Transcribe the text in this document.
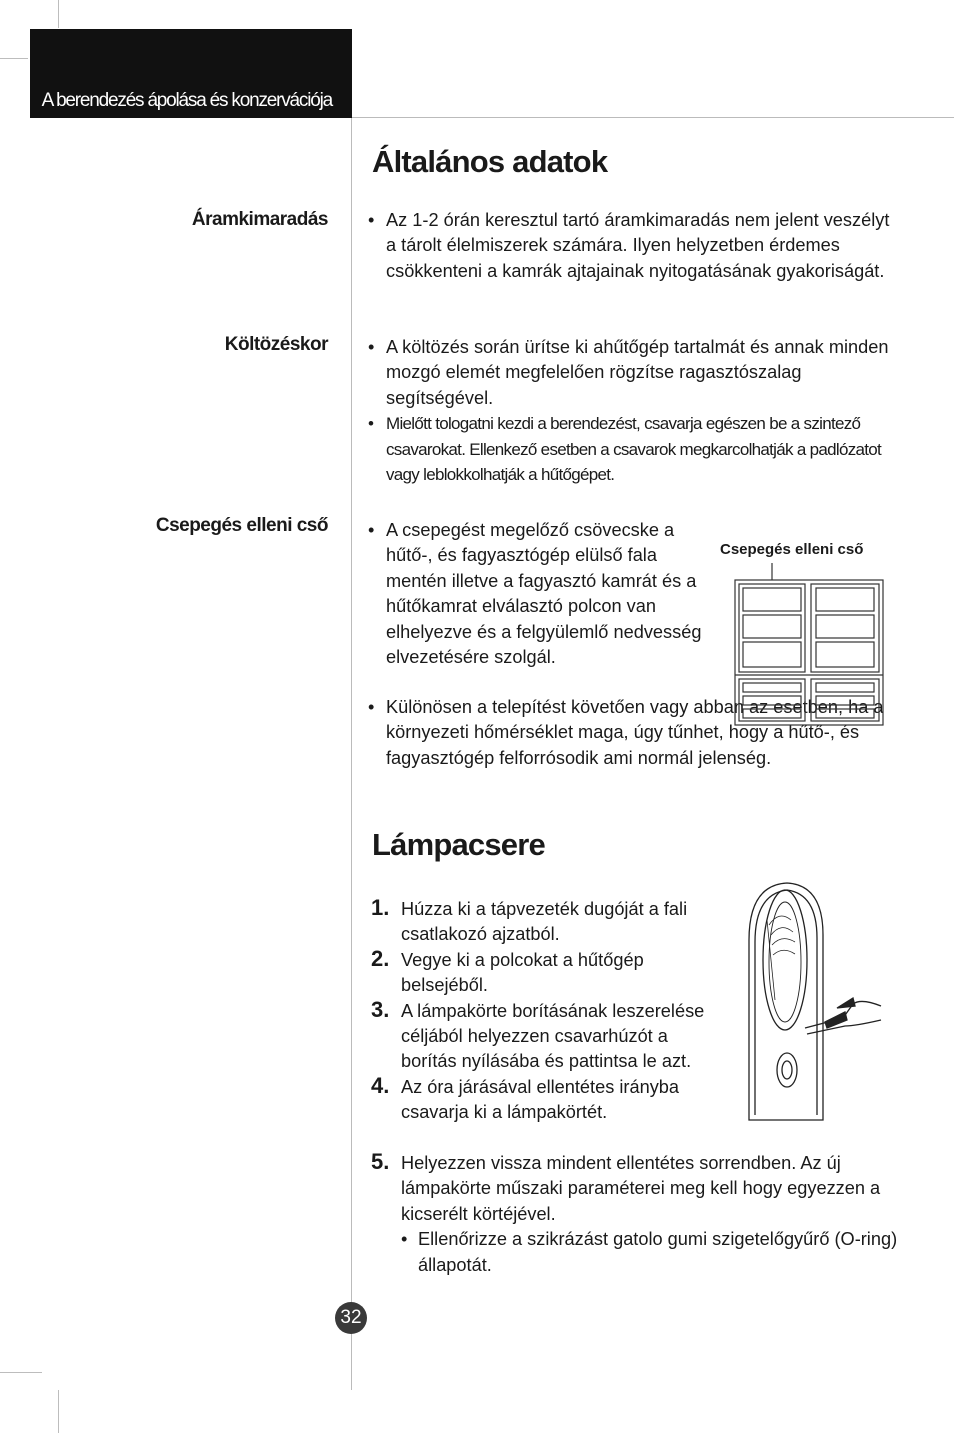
A berendezés ápolása és konzervációja
Általános adatok
Áramkimaradás	• Az 1-2 órán keresztul tartó áramkimaradás nem jelent veszélyt a tárolt élelmiszerek számára. Ilyen helyzetben érdemes csökkenteni a kamrák ajtajainak nyitogatásának gyakoriságát.
Költözéskor	• A költözés során ürítse ki ahűtőgép tartalmát és annak minden mozgó elemét megfelelően rögzítse ragasztószalag segítségével.
• Mielőtt tologatni kezdi a berendezést, csavarja egészen be a szintező csavarokat. Ellenkező esetben a csavarok megkarcolhatják a padlózatot vagy leblokkolhatják a hűtőgépet.
Csepegés elleni cső	• A csepegést megelőző csövecske a hűtő-, és fagyasztógép elülső fala mentén illetve a fagyasztó kamrát és a hűtőkamrat elválasztó polcon van elhelyezve és a felgyülemlő nedvesség elvezetésére szolgál.
• Különösen a telepítést követően vagy abban az esetben, ha a környezeti hőmérséklet maga, úgy tűnhet, hogy a hűtő-, és fagyasztógép felforrósodik ami normál jelenség.
Csepegés elleni cső
Lámpacsere
1. Húzza ki a tápvezeték dugóját a fali csatlakozó ajzatból.
2. Vegye ki a polcokat a hűtőgép belsejéből.
3. A lámpakörte borításának leszerelése céljából helyezzen csavarhúzót a borítás nyílásába és pattintsa le azt.
4. Az óra járásával ellentétes irányba csavarja ki a lámpakörtét.
5. Helyezzen vissza mindent ellentétes sorrendben. Az új lámpakörte műszaki paraméterei meg kell hogy egyezzen a kicserélt körtéjével.
• Ellenőrizze a szikrázást gatolo gumi szigetelőgyűrő (O-ring) állapotát.
32
